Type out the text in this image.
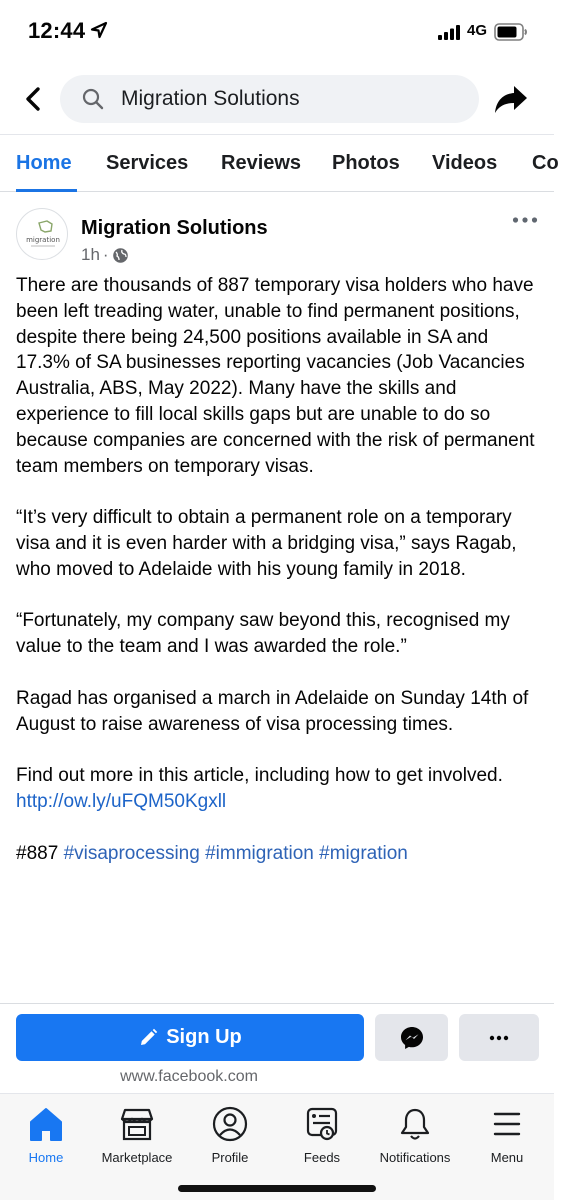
12:44	4G
Migration Solutions
Home Services Reviews Photos Videos Co
migration
Migration Solutions
1h ·

There are thousands of 887 temporary visa holders who have been left treading water, unable to find permanent positions, despite there being 24,500 positions available in SA and 17.3% of SA businesses reporting vacancies (Job Vacancies Australia, ABS, May 2022). Many have the skills and experience to fill local skills gaps but are unable to do so because companies are concerned with the risk of permanent team members on temporary visas.

“It’s very difficult to obtain a permanent role on a temporary visa and it is even harder with a bridging visa,” says Ragab, who moved to Adelaide with his young family in 2018.

“Fortunately, my company saw beyond this, recognised my value to the team and I was awarded the role.”

Ragad has organised a march in Adelaide on Sunday 14th of August to raise awareness of visa processing times.

Find out more in this article, including how to get involved.
http://ow.ly/uFQM50Kgxll

#887 #visaprocessing #immigration #migration

Sign Up
www.facebook.com
Home	Marketplace	Profile	Feeds	Notifications	Menu
